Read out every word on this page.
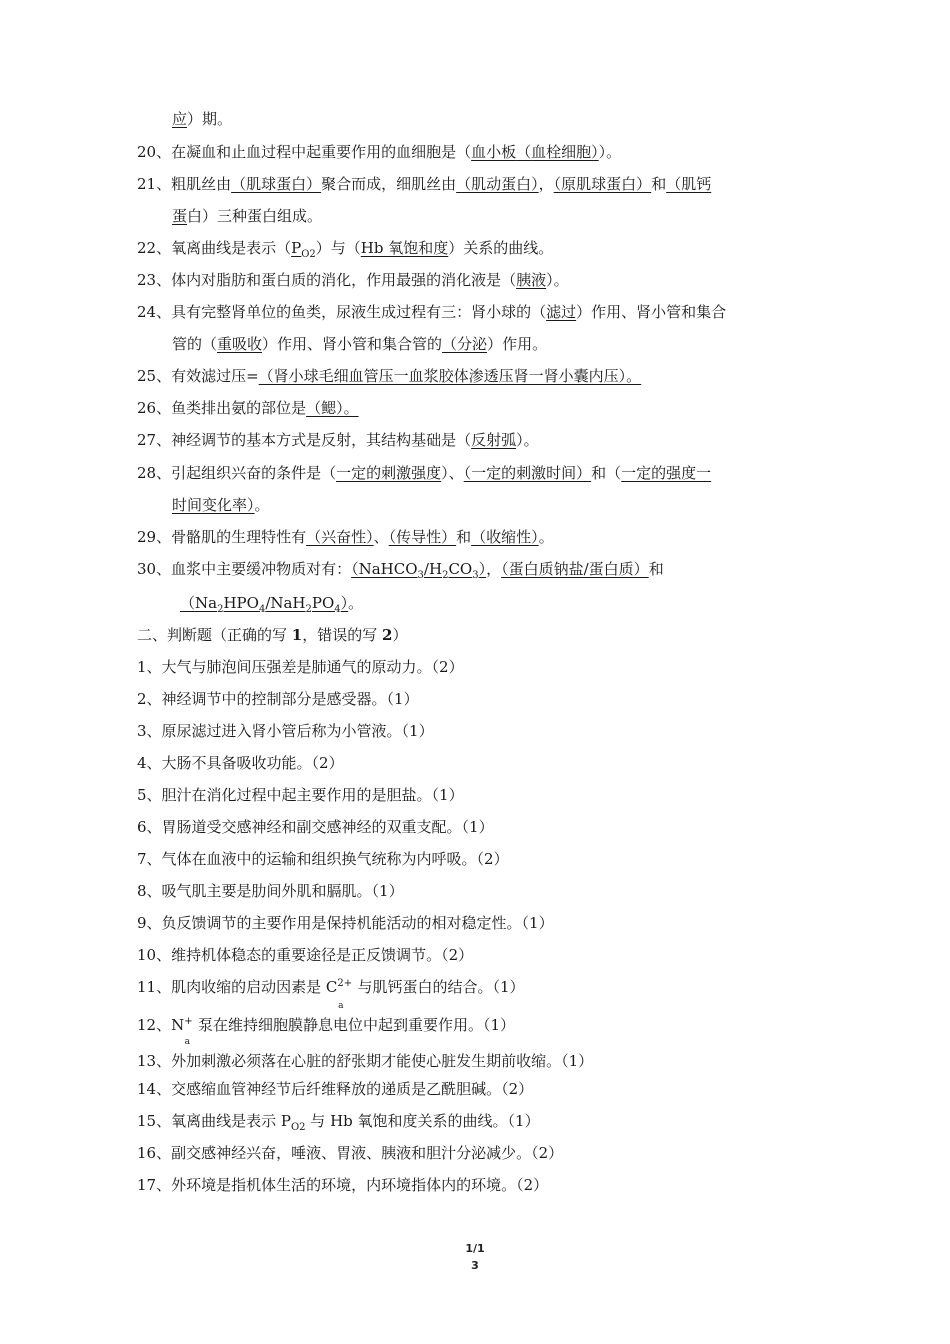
应）期。
20、在凝血和止血过程中起重要作用的血细胞是（血小板（血栓细胞））。
21、粗肌丝由（肌球蛋白）聚合而成，细肌丝由（肌动蛋白），（原肌球蛋白）和（肌钙
蛋白）三种蛋白组成。
22、氧离曲线是表示$(P_{O2})$与（Hb 氧饱和度）关系的曲线。
23、体内对脂肪和蛋白质的消化，作用最强的消化液是（胰液）。
24、具有完整肾单位的鱼类，尿液生成过程有三：肾小球的（滤过）作用、肾小管和集合
管的（重吸收）作用、肾小管和集合管的（分泌）作用。
25、有效滤过压=（肾小球毛细血管压一血浆胶体渗透压肾一肾小囊内压）。
26、鱼类排出氨的部位是（鳃）。
27、神经调节的基本方式是反射，其结构基础是（反射弧）。
28、引起组织兴奋的条件是（一定的刺激强度）、（一定的刺激时间）和（一定的强度一
时间变化率）。
29、骨骼肌的生理特性有（兴奋性）、（传导性）和（收缩性）。
30、血浆中主要缓冲物质对有：$(NaHCO_3/H_2CO_3)$，（蛋白质钠盐/蛋白质）和
$(Na_2HPO_4/NaH_2PO_4)$。
二、判断题（正确的写 1，错误的写 2）
1、大气与肺泡间压强差是肺通气的原动力。（2）
2、神经调节中的控制部分是感受器。（1）
3、原尿滤过进入肾小管后称为小管液。（1）
4、大肠不具备吸收功能。（2）
5、胆汁在消化过程中起主要作用的是胆盐。（1）
6、胃肠道受交感神经和副交感神经的双重支配。（1）
7、气体在血液中的运输和组织换气统称为内呼吸。（2）
8、吸气肌主要是肋间外肌和膈肌。（1）
9、负反馈调节的主要作用是保持机能活动的相对稳定性。（1）
10、维持机体稳态的重要途径是正反馈调节。（2）
11、肌肉收缩的启动因素是 $C^{2+}_a$与肌钙蛋白的结合。（1）
12、$N^+_a$泵在维持细胞膜静息电位中起到重要作用。（1）
13、外加刺激必须落在心脏的舒张期才能使心脏发生期前收缩。（1）
14、交感缩血管神经节后纤维释放的递质是乙酰胆碱。（2）
15、氧离曲线是表示 $P_{O2}$ 与 Hb 氧饱和度关系的曲线。（1）
16、副交感神经兴奋，唾液、胃液、胰液和胆汁分泌减少。（2）
17、外环境是指机体生活的环境，内环境指体内的环境。（2）
1/1
3
